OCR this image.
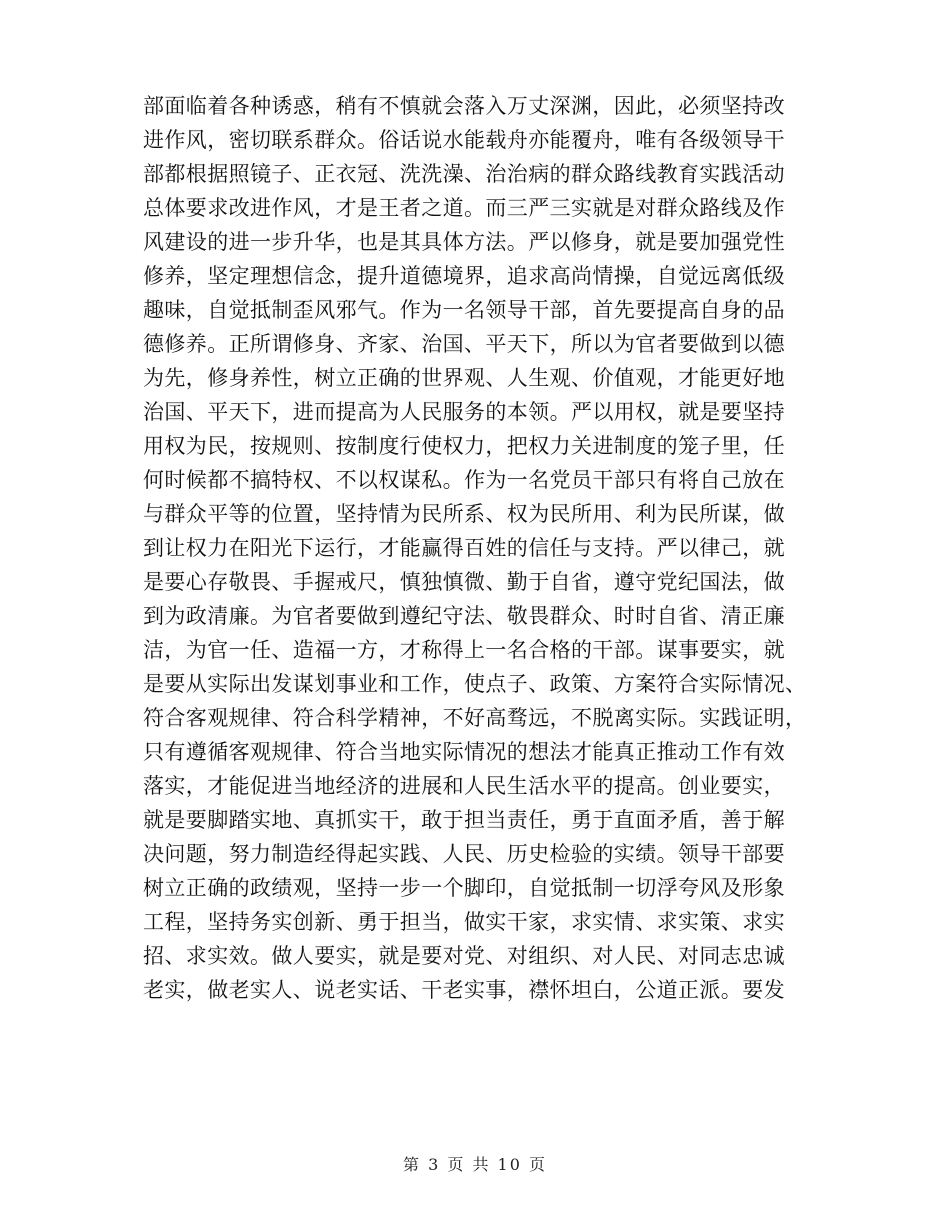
部面临着各种诱惑，稍有不慎就会落入万丈深渊，因此，必须坚持改
进作风，密切联系群众。俗话说水能载舟亦能覆舟，唯有各级领导干
部都根据照镜子、正衣冠、洗洗澡、治治病的群众路线教育实践活动
总体要求改进作风，才是王者之道。而三严三实就是对群众路线及作
风建设的进一步升华，也是其具体方法。严以修身，就是要加强党性
修养，坚定理想信念，提升道德境界，追求高尚情操，自觉远离低级
趣味，自觉抵制歪风邪气。作为一名领导干部，首先要提高自身的品
德修养。正所谓修身、齐家、治国、平天下，所以为官者要做到以德
为先，修身养性，树立正确的世界观、人生观、价值观，才能更好地
治国、平天下，进而提高为人民服务的本领。严以用权，就是要坚持
用权为民，按规则、按制度行使权力，把权力关进制度的笼子里，任
何时候都不搞特权、不以权谋私。作为一名党员干部只有将自己放在
与群众平等的位置，坚持情为民所系、权为民所用、利为民所谋，做
到让权力在阳光下运行，才能赢得百姓的信任与支持。严以律己，就
是要心存敬畏、手握戒尺，慎独慎微、勤于自省，遵守党纪国法，做
到为政清廉。为官者要做到遵纪守法、敬畏群众、时时自省、清正廉
洁，为官一任、造福一方，才称得上一名合格的干部。谋事要实，就
是要从实际出发谋划事业和工作，使点子、政策、方案符合实际情况、
符合客观规律、符合科学精神，不好高骛远，不脱离实际。实践证明，
只有遵循客观规律、符合当地实际情况的想法才能真正推动工作有效
落实，才能促进当地经济的进展和人民生活水平的提高。创业要实，
就是要脚踏实地、真抓实干，敢于担当责任，勇于直面矛盾，善于解
决问题，努力制造经得起实践、人民、历史检验的实绩。领导干部要
树立正确的政绩观，坚持一步一个脚印，自觉抵制一切浮夸风及形象
工程，坚持务实创新、勇于担当，做实干家，求实情、求实策、求实
招、求实效。做人要实，就是要对党、对组织、对人民、对同志忠诚
老实，做老实人、说老实话、干老实事，襟怀坦白，公道正派。要发
第 3 页 共 10 页
